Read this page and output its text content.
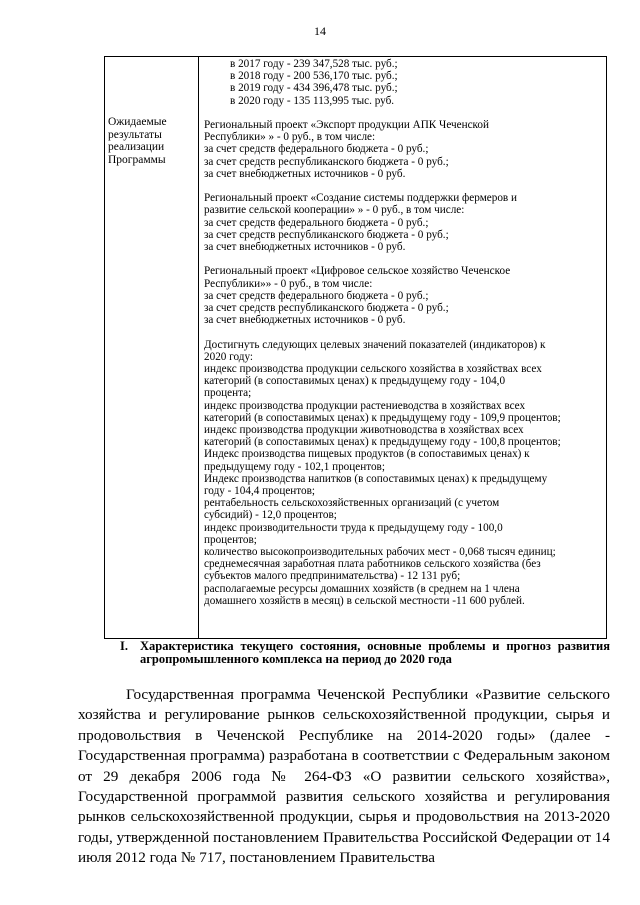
14
Ожидаемые
результаты
реализации
Программы
в 2017 году - 239 347,528 тыс. руб.;
в 2018 году - 200 536,170 тыс. руб.;
в 2019 году - 434 396,478 тыс. руб.;
в 2020 году - 135 113,995 тыс. руб.
Региональный проект «Экспорт продукции АПК Чеченской
Республики» » - 0 руб., в том числе:
за счет средств федерального бюджета - 0 руб.;
за счет средств республиканского бюджета - 0 руб.;
за счет внебюджетных источников - 0 руб.
Региональный проект «Создание системы поддержки фермеров и
развитие сельской кооперации» » - 0 руб., в том числе:
за счет средств федерального бюджета - 0 руб.;
за счет средств республиканского бюджета - 0 руб.;
за счет внебюджетных источников - 0 руб.
Региональный проект «Цифровое сельское хозяйство Чеченское
Республики»» - 0 руб., в том числе:
за счет средств федерального бюджета - 0 руб.;
за счет средств республиканского бюджета - 0 руб.;
за счет внебюджетных источников - 0 руб.
Достигнуть следующих целевых значений показателей (индикаторов) к
2020 году:
индекс производства продукции сельского хозяйства в хозяйствах всех
категорий (в сопоставимых ценах) к предыдущему году - 104,0
процента;
индекс производства продукции растениеводства в хозяйствах всех
категорий (в сопоставимых ценах) к предыдущему году - 109,9 процентов;
индекс производства продукции животноводства в хозяйствах всех
категорий (в сопоставимых ценах) к предыдущему году - 100,8 процентов;
Индекс производства пищевых продуктов (в сопоставимых ценах) к
предыдущему году - 102,1 процентов;
Индекс производства напитков (в сопоставимых ценах) к предыдущему
году - 104,4 процентов;
рентабельность сельскохозяйственных организаций (с учетом
субсидий) - 12,0 процентов;
индекс производительности труда к предыдущему году - 100,0
процентов;
количество высокопроизводительных рабочих мест - 0,068 тысяч единиц;
среднемесячная заработная плата работников сельского хозяйства (без
субъектов малого предпринимательства) - 12 131 руб;
располагаемые ресурсы домашних хозяйств (в среднем на 1 члена
домашнего хозяйств в месяц) в сельской местности -11 600 рублей.
I. Характеристика текущего состояния, основные проблемы и прогноз развития агропромышленного комплекса на период до 2020 года
Государственная программа Чеченской Республики «Развитие сельского хозяйства и регулирование рынков сельскохозяйственной продукции, сырья и продовольствия в Чеченской Республике на 2014-2020 годы» (далее - Государственная программа) разработана в соответствии с Федеральным законом от 29 декабря 2006 года № 264-ФЗ «О развитии сельского хозяйства», Государственной программой развития сельского хозяйства и регулирования рынков сельскохозяйственной продукции, сырья и продовольствия на 2013-2020 годы, утвержденной постановлением Правительства Российской Федерации от 14 июля 2012 года № 717, постановлением Правительства
